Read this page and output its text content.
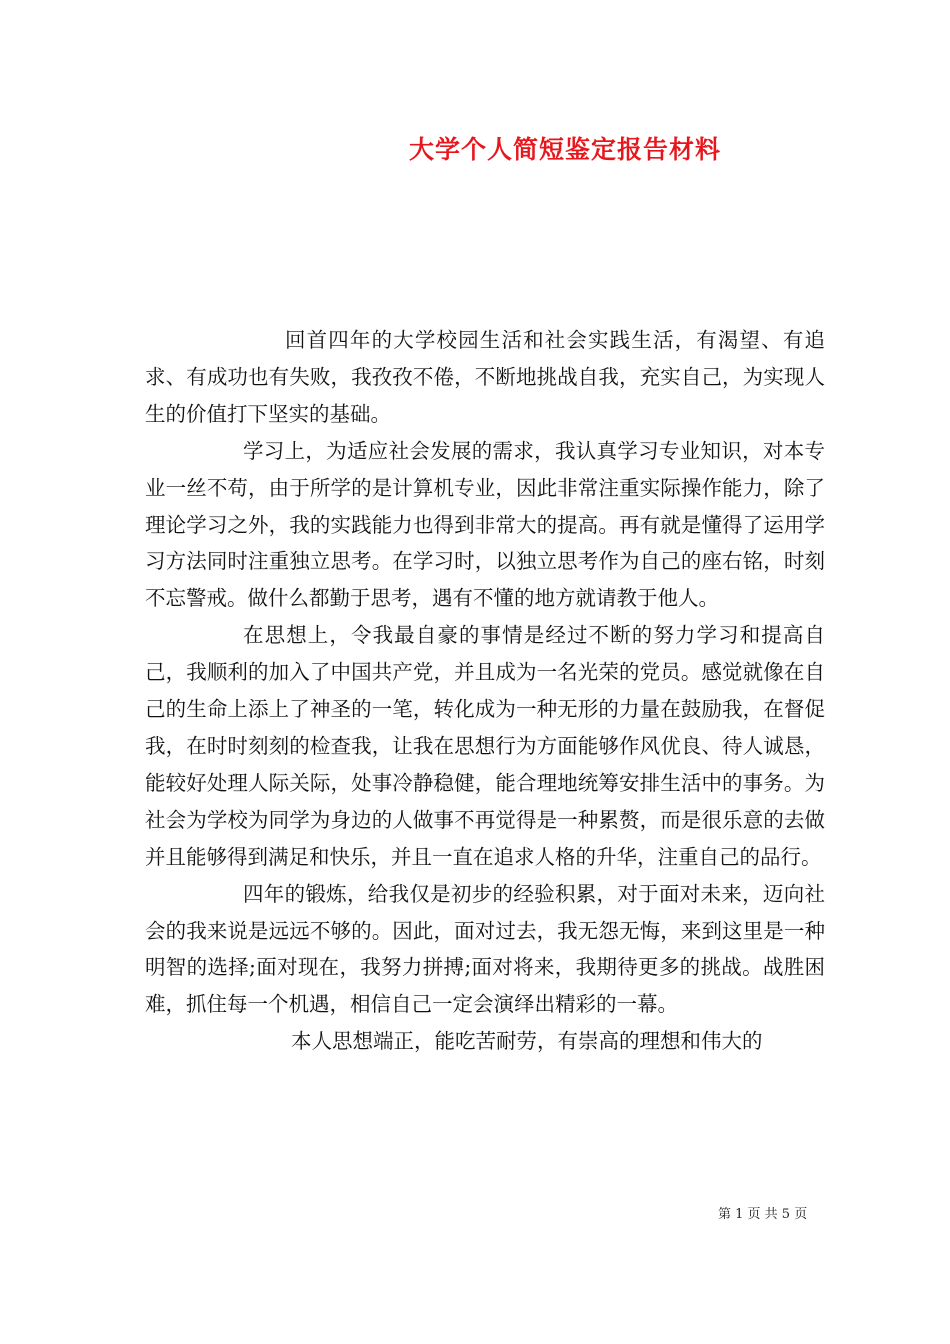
大学个人简短鉴定报告材料

回首四年的大学校园生活和社会实践生活，有渴望、有追求、有成功也有失败，我孜孜不倦，不断地挑战自我，充实自己，为实现人生的价值打下坚实的基础。

学习上，为适应社会发展的需求，我认真学习专业知识，对本专业一丝不苟，由于所学的是计算机专业，因此非常注重实际操作能力，除了理论学习之外，我的实践能力也得到非常大的提高。再有就是懂得了运用学习方法同时注重独立思考。在学习时，以独立思考作为自己的座右铭，时刻不忘警戒。做什么都勤于思考，遇有不懂的地方就请教于他人。

在思想上，令我最自豪的事情是经过不断的努力学习和提高自己，我顺利的加入了中国共产党，并且成为一名光荣的党员。感觉就像在自己的生命上添上了神圣的一笔，转化成为一种无形的力量在鼓励我，在督促我，在时时刻刻的检查我，让我在思想行为方面能够作风优良、待人诚恳，能较好处理人际关际，处事冷静稳健，能合理地统筹安排生活中的事务。为社会为学校为同学为身边的人做事不再觉得是一种累赘，而是很乐意的去做并且能够得到满足和快乐，并且一直在追求人格的升华，注重自己的品行。

四年的锻炼，给我仅是初步的经验积累，对于面对未来，迈向社会的我来说是远远不够的。因此，面对过去，我无怨无悔，来到这里是一种明智的选择;面对现在，我努力拼搏;面对将来，我期待更多的挑战。战胜困难，抓住每一个机遇，相信自己一定会演绎出精彩的一幕。

本人思想端正，能吃苦耐劳，有崇高的理想和伟大的

第 1 页 共 5 页
